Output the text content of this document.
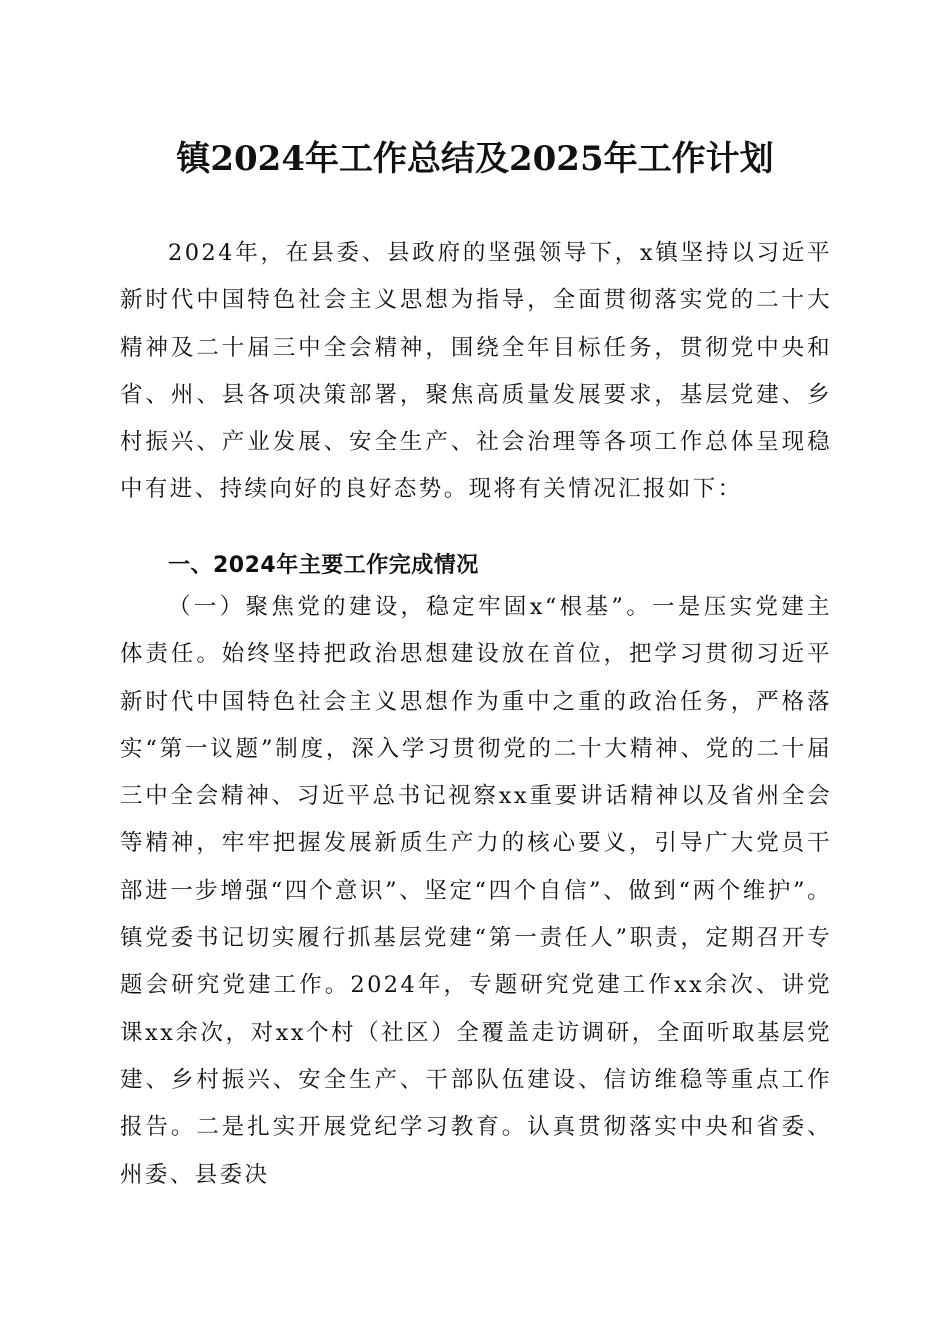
镇2024年工作总结及2025年工作计划

2024年，在县委、县政府的坚强领导下，x镇坚持以习近平新时代中国特色社会主义思想为指导，全面贯彻落实党的二十大精神及二十届三中全会精神，围绕全年目标任务，贯彻党中央和省、州、县各项决策部署，聚焦高质量发展要求，基层党建、乡村振兴、产业发展、安全生产、社会治理等各项工作总体呈现稳中有进、持续向好的良好态势。现将有关情况汇报如下：

一、2024年主要工作完成情况

（一）聚焦党的建设，稳定牢固x“根基”。一是压实党建主体责任。始终坚持把政治思想建设放在首位，把学习贯彻习近平新时代中国特色社会主义思想作为重中之重的政治任务，严格落实“第一议题”制度，深入学习贯彻党的二十大精神、党的二十届三中全会精神、习近平总书记视察xx重要讲话精神以及省州全会等精神，牢牢把握发展新质生产力的核心要义，引导广大党员干部进一步增强“四个意识”、坚定“四个自信”、做到“两个维护”。镇党委书记切实履行抓基层党建“第一责任人”职责，定期召开专题会研究党建工作。2024年，专题研究党建工作xx余次、讲党课xx余次，对xx个村（社区）全覆盖走访调研，全面听取基层党建、乡村振兴、安全生产、干部队伍建设、信访维稳等重点工作报告。二是扎实开展党纪学习教育。认真贯彻落实中央和省委、州委、县委决
